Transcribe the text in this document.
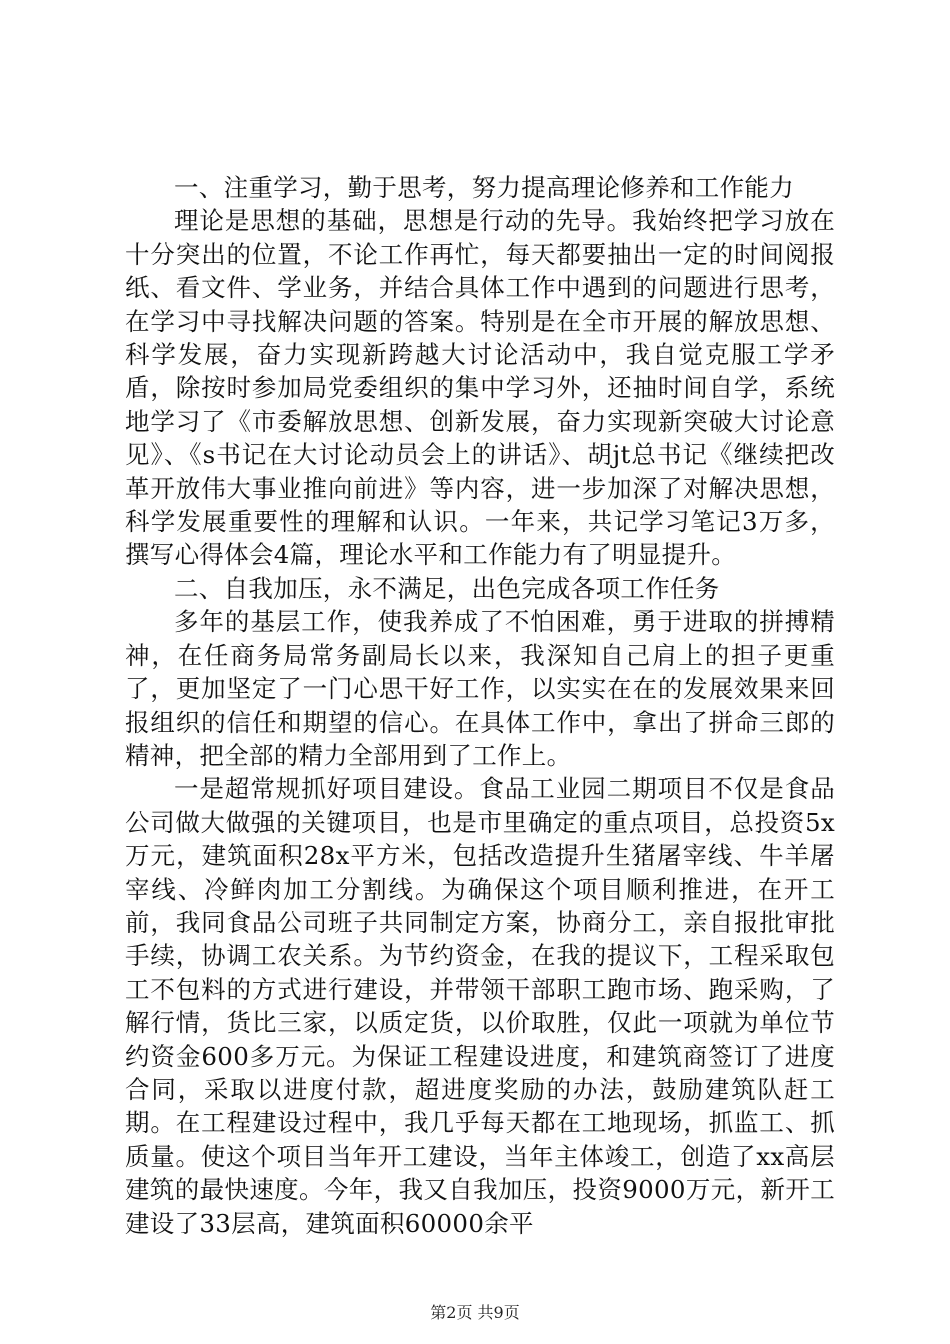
一、注重学习，勤于思考，努力提高理论修养和工作能力

理论是思想的基础，思想是行动的先导。我始终把学习放在十分突出的位置，不论工作再忙，每天都要抽出一定的时间阅报纸、看文件、学业务，并结合具体工作中遇到的问题进行思考，在学习中寻找解决问题的答案。特别是在全市开展的解放思想、科学发展，奋力实现新跨越大讨论活动中，我自觉克服工学矛盾，除按时参加局党委组织的集中学习外，还抽时间自学，系统地学习了《市委解放思想、创新发展，奋力实现新突破大讨论意见》、《s书记在大讨论动员会上的讲话》、胡jt总书记《继续把改革开放伟大事业推向前进》等内容，进一步加深了对解决思想，科学发展重要性的理解和认识。一年来，共记学习笔记3万多，撰写心得体会4篇，理论水平和工作能力有了明显提升。

二、自我加压，永不满足，出色完成各项工作任务

多年的基层工作，使我养成了不怕困难，勇于进取的拼搏精神，在任商务局常务副局长以来，我深知自己肩上的担子更重了，更加坚定了一门心思干好工作，以实实在在的发展效果来回报组织的信任和期望的信心。在具体工作中，拿出了拼命三郎的精神，把全部的精力全部用到了工作上。

一是超常规抓好项目建设。食品工业园二期项目不仅是食品公司做大做强的关键项目，也是市里确定的重点项目，总投资5x万元，建筑面积28x平方米，包括改造提升生猪屠宰线、牛羊屠宰线、冷鲜肉加工分割线。为确保这个项目顺利推进，在开工前，我同食品公司班子共同制定方案，协商分工，亲自报批审批手续，协调工农关系。为节约资金，在我的提议下，工程采取包工不包料的方式进行建设，并带领干部职工跑市场、跑采购，了解行情，货比三家，以质定货，以价取胜，仅此一项就为单位节约资金600多万元。为保证工程建设进度，和建筑商签订了进度合同，采取以进度付款，超进度奖励的办法，鼓励建筑队赶工期。在工程建设过程中，我几乎每天都在工地现场，抓监工、抓质量。使这个项目当年开工建设，当年主体竣工，创造了xx高层建筑的最快速度。今年，我又自我加压，投资9000万元，新开工建设了33层高，建筑面积60000余平

第2页 共9页
